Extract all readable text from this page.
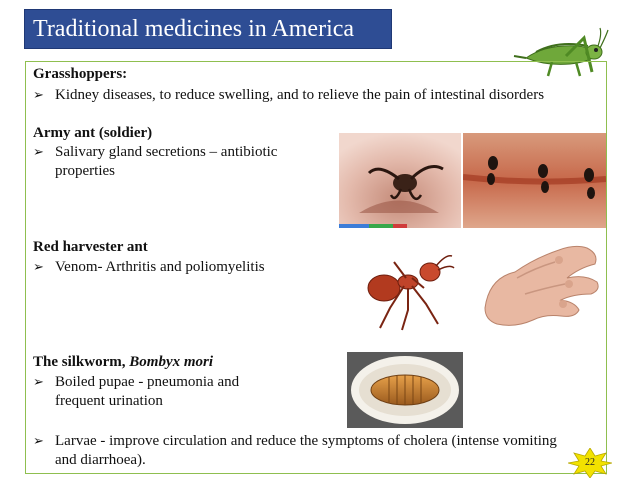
Traditional medicines in America
Grasshoppers:
➢ Kidney diseases, to reduce swelling, and to relieve the pain of intestinal disorders
Army ant (soldier)
➢ Salivary gland secretions – antibiotic
properties
Red harvester ant
➢ Venom- Arthritis and poliomyelitis
The silkworm, Bombyx mori
➢ Boiled pupae - pneumonia and
frequent urination
➢ Larvae - improve circulation and reduce the symptoms of cholera (intense vomiting
and diarrhoea).	22
